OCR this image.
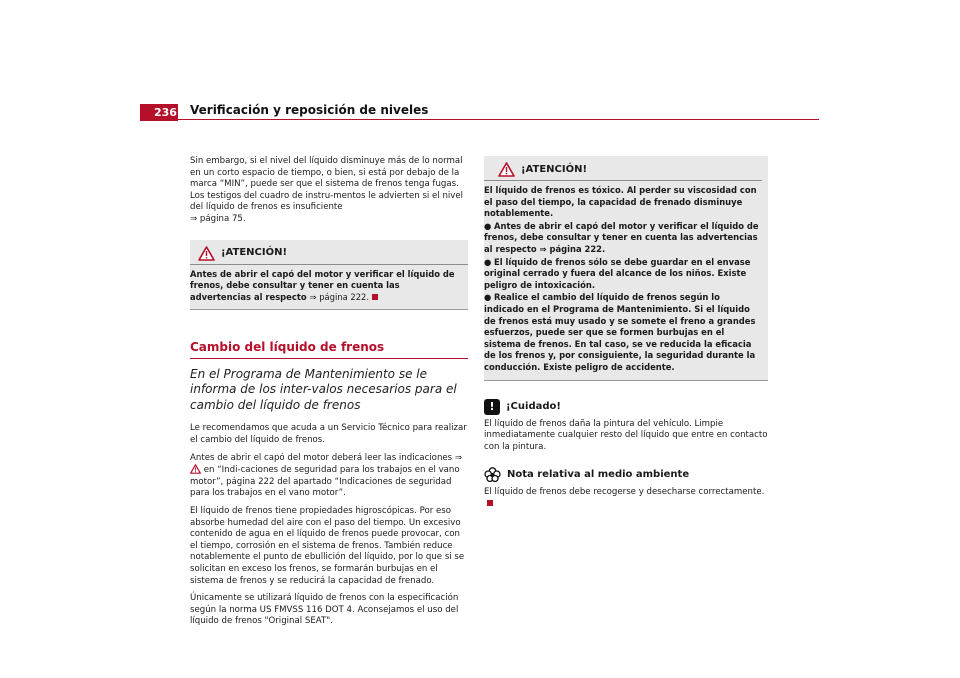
236 Verificación y reposición de niveles

Sin embargo, si el nivel del líquido disminuye más de lo normal en un corto espacio de tiempo, o bien, si está por debajo de la marca “MIN”, puede ser que el sistema de frenos tenga fugas. Los testigos del cuadro de instru-mentos le advierten si el nivel del líquido de frenos es insuficiente
⇒ página 75.

¡ATENCIÓN!
Antes de abrir el capó del motor y verificar el líquido de frenos, debe consultar y tener en cuenta las advertencias al respecto ⇒ página 222.
Cambio del líquido de frenos
En el Programa de Mantenimiento se le informa de los inter-valos necesarios para el cambio del líquido de frenos

Le recomendamos que acuda a un Servicio Técnico para realizar el cambio del líquido de frenos.

Antes de abrir el capó del motor deberá leer las indicaciones ⇒  en “Indi-caciones de seguridad para los trabajos en el vano motor”, página 222 del apartado “Indicaciones de seguridad para los trabajos en el vano motor”.

El líquido de frenos tiene propiedades higroscópicas. Por eso absorbe humedad del aire con el paso del tiempo. Un excesivo contenido de agua en el líquido de frenos puede provocar, con el tiempo, corrosión en el sistema de frenos. También reduce notablemente el punto de ebullición del líquido, por lo que si se solicitan en exceso los frenos, se formarán burbujas en el sistema de frenos y se reducirá la capacidad de frenado.

Únicamente se utilizará líquido de frenos con la especificación según la norma US FMVSS 116 DOT 4. Aconsejamos el uso del líquido de frenos "Original SEAT".

¡ATENCIÓN!
El líquido de frenos es tóxico. Al perder su viscosidad con el paso del tiempo, la capacidad de frenado disminuye notablemente.
● Antes de abrir el capó del motor y verificar el líquido de frenos, debe consultar y tener en cuenta las advertencias al respecto ⇒ página 222.
● El líquido de frenos sólo se debe guardar en el envase original cerrado y fuera del alcance de los niños. Existe peligro de intoxicación.
● Realice el cambio del líquido de frenos según lo indicado en el Programa de Mantenimiento. Si el líquido de frenos está muy usado y se somete el freno a grandes esfuerzos, puede ser que se formen burbujas en el sistema de frenos. En tal caso, se ve reducida la eficacia de los frenos y, por consiguiente, la seguridad durante la conducción. Existe peligro de accidente.
!	¡Cuidado!

El líquido de frenos daña la pintura del vehículo. Limpie inmediatamente cualquier resto del líquido que entre en contacto con la pintura.

Nota relativa al medio ambiente

El líquido de frenos debe recogerse y desecharse correctamente.
